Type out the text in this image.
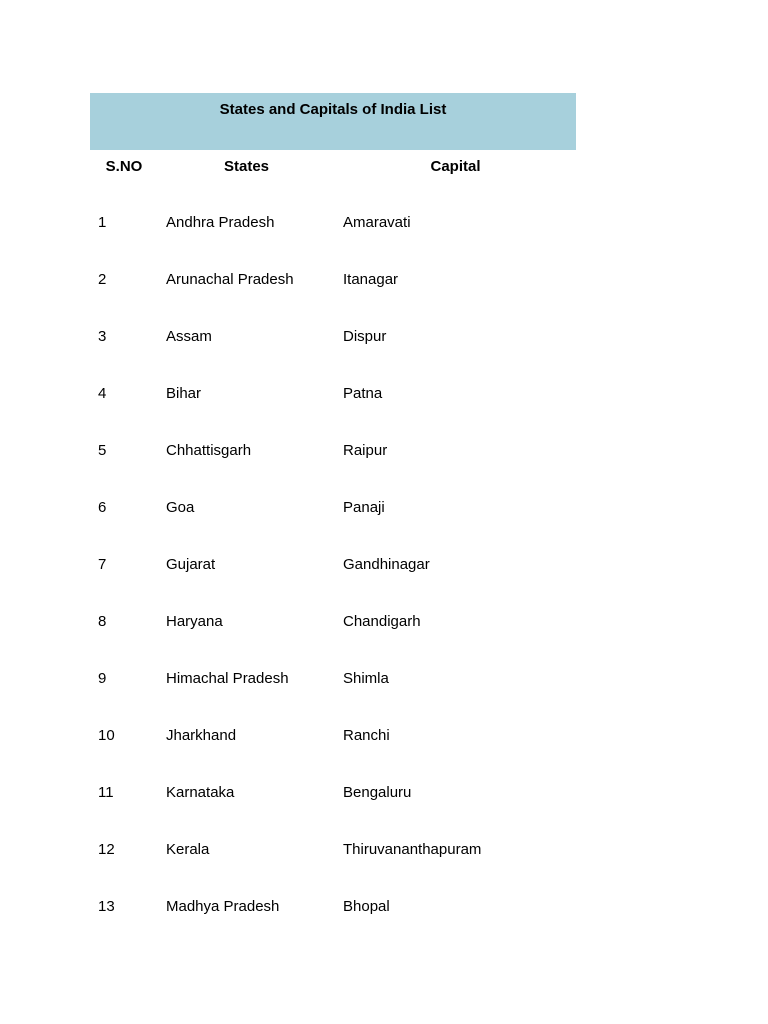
States and Capitals of India List
S.NO	States	Capital
1	Andhra Pradesh	Amaravati
2	Arunachal Pradesh	Itanagar
3	Assam	Dispur
4	Bihar	Patna
5	Chhattisgarh	Raipur
6	Goa	Panaji
7	Gujarat	Gandhinagar
8	Haryana	Chandigarh
9	Himachal Pradesh	Shimla
10	Jharkhand	Ranchi
11	Karnataka	Bengaluru
12	Kerala	Thiruvananthapuram
13	Madhya Pradesh	Bhopal
